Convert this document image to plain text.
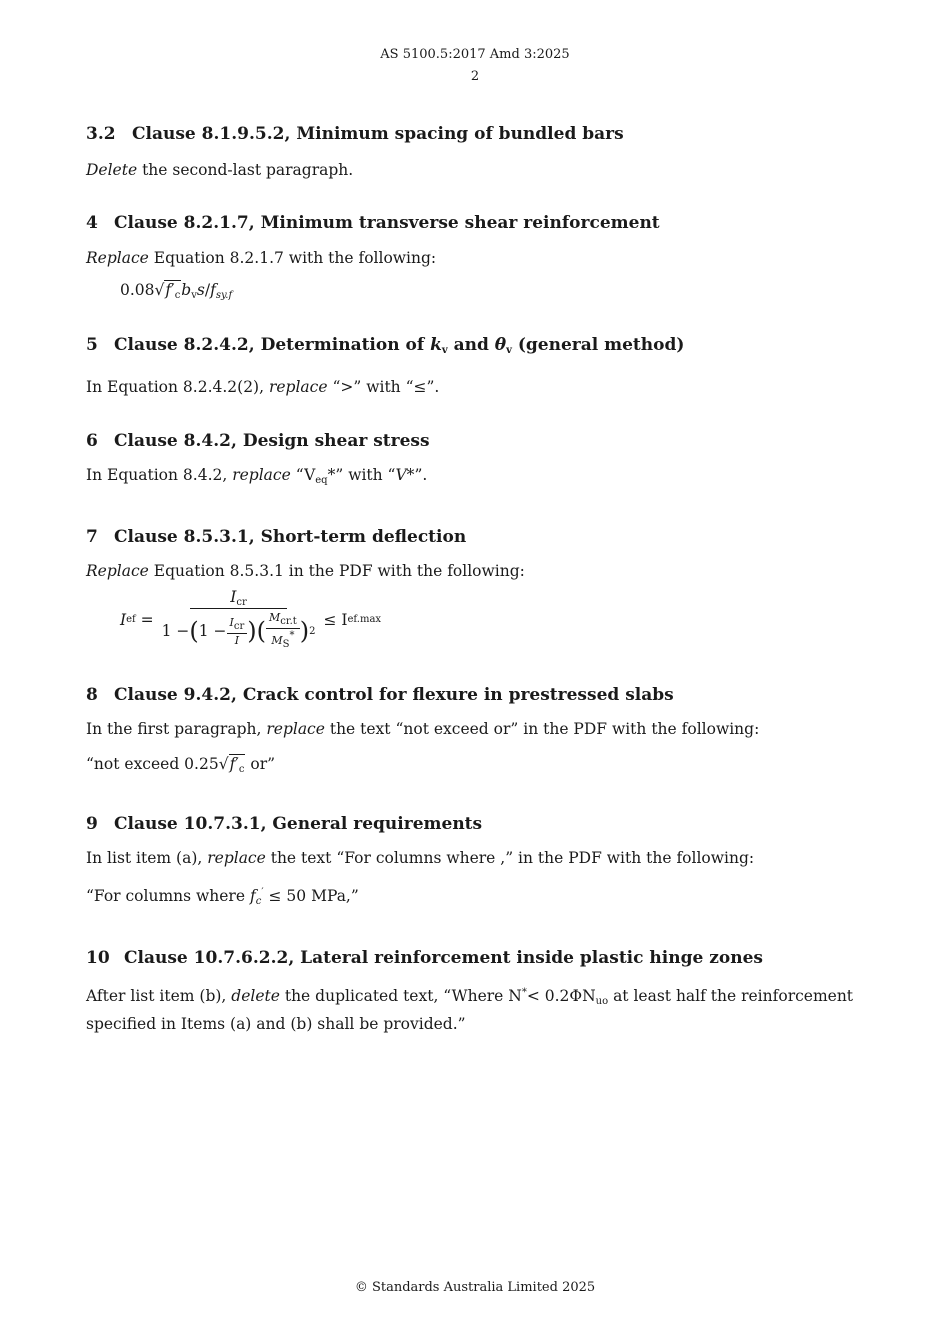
AS 5100.5:2017 Amd 3:2025
2
3.2 Clause 8.1.9.5.2, Minimum spacing of bundled bars

Delete the second-last paragraph.

4 Clause 8.2.1.7, Minimum transverse shear reinforcement

Replace Equation 8.2.1.7 with the following:

$0.08√f'_cb_vs/f_{sy.f}$
5 Clause 8.2.4.2, Determination of $k_v$ and $\theta_v$ (general method)

In Equation 8.2.4.2(2), replace “>” with “≤”.

6 Clause 8.4.2, Design shear stress

In Equation 8.4.2, replace “$V_{eq}*$” with “V*”.

7 Clause 8.5.3.1, Short-term deflection

Replace Equation 8.5.3.1 in the PDF with the following:

I ef = $\frac{I_{cr}}{1 - ( 1 - \frac{I_{cr}}{I} ) ( \frac{M_{cr.t}}{M_S^*} ) 2}$
≤ I ef.max
8 Clause 9.4.2, Crack control for flexure in prestressed slabs

In the first paragraph, replace the text “not exceed or” in the PDF with the following:

“not exceed $0.25√f'_c$ or”

9 Clause 10.7.3.1, General requirements

In list item (a), replace the text “For columns where ,” in the PDF with the following:

“For columns where $f_c' \le 50$ MPa,”

10 Clause 10.7.6.2.2, Lateral reinforcement inside plastic hinge zones

After list item (b), delete the duplicated text, “Where $N^*< 0.2\Phi N_{uo}$ at least half the reinforcement specified in Items (a) and (b) shall be provided.”

© Standards Australia Limited 2025
